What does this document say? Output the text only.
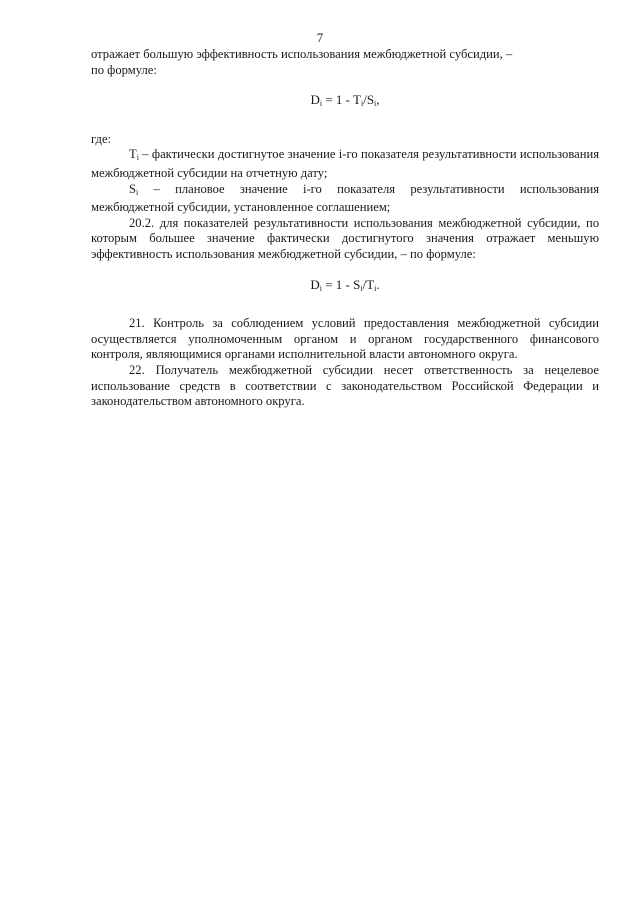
7

отражает большую эффективность использования межбюджетной субсидии, –

по формуле:

$D_i = 1 - T_i/S_i$,

где:

$T_i$ – фактически достигнутое значение i-го показателя результативности использования межбюджетной субсидии на отчетную дату;

$S_i$ – плановое значение i-го показателя результативности использования межбюджетной субсидии, установленное соглашением;

20.2. для показателей результативности использования межбюджетной субсидии, по которым большее значение фактически достигнутого значения отражает меньшую эффективность использования межбюджетной субсидии, – по формуле:

$D_i = 1 - S_i/T_i$.

21. Контроль за соблюдением условий предоставления межбюджетной субсидии осуществляется уполномоченным органом и органом государственного финансового контроля, являющимися органами исполнительной власти автономного округа.

22. Получатель межбюджетной субсидии несет ответственность за нецелевое использование средств в соответствии с законодательством Российской Федерации и законодательством автономного округа.
